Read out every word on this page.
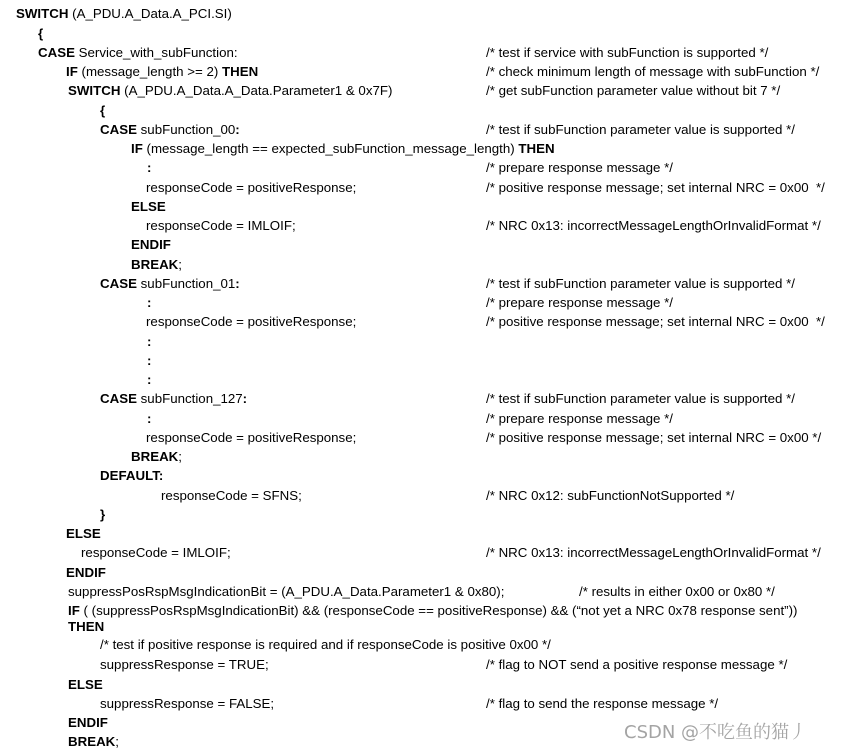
SWITCH (A_PDU.A_Data.A_PCI.SI)
{
CASE Service_with_subFunction:	/* test if service with subFunction is supported */
IF (message_length >= 2) THEN	/* check minimum length of message with subFunction */
SWITCH (A_PDU.A_Data.A_Data.Parameter1 & 0x7F)	/* get subFunction parameter value without bit 7 */
{
CASE subFunction_00:	/* test if subFunction parameter value is supported */
IF (message_length == expected_subFunction_message_length) THEN
:	/* prepare response message */
responseCode = positiveResponse;	/* positive response message; set internal NRC = 0x00  */
ELSE
responseCode = IMLOIF;	/* NRC 0x13: incorrectMessageLengthOrInvalidFormat */
ENDIF
BREAK;
CASE subFunction_01:	/* test if subFunction parameter value is supported */
:	/* prepare response message */
responseCode = positiveResponse;	/* positive response message; set internal NRC = 0x00  */
:
:
:
CASE subFunction_127:	/* test if subFunction parameter value is supported */
:	/* prepare response message */
responseCode = positiveResponse;	/* positive response message; set internal NRC = 0x00 */
BREAK;
DEFAULT:
responseCode = SFNS;	/* NRC 0x12: subFunctionNotSupported */
}
ELSE
responseCode = IMLOIF;	/* NRC 0x13: incorrectMessageLengthOrInvalidFormat */
ENDIF
suppressPosRspMsgIndicationBit = (A_PDU.A_Data.Parameter1 & 0x80);	/* results in either 0x00 or 0x80 */
IF ( (suppressPosRspMsgIndicationBit) && (responseCode == positiveResponse) && (“not yet a NRC 0x78 response sent”))
THEN
/* test if positive response is required and if responseCode is positive 0x00 */
suppressResponse = TRUE;	/* flag to NOT send a positive response message */
ELSE
suppressResponse = FALSE;	/* flag to send the response message */
ENDIF
BREAK;	CSDN @不吃鱼的猫丿
